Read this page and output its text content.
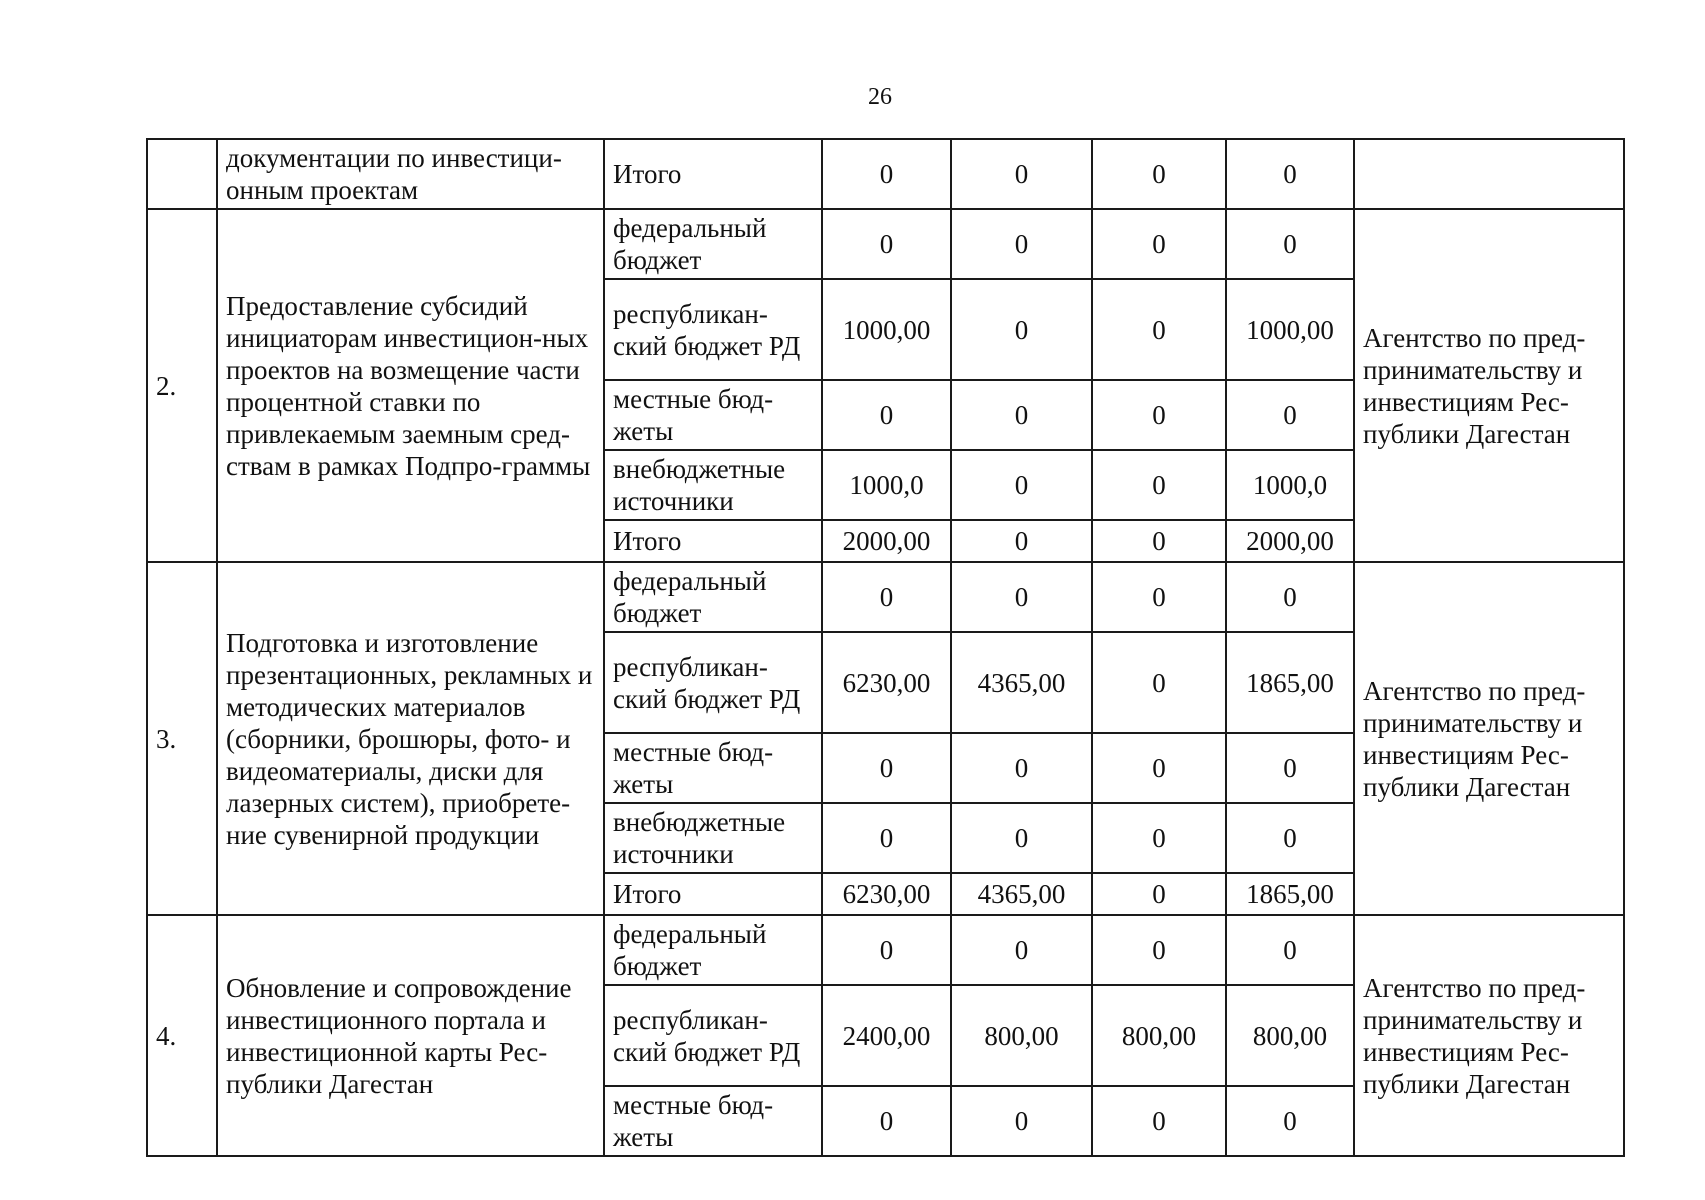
26
	документации по инвестици-онным проектам	Итого	0	0	0	0	
2.	Предоставление субсидий инициаторам инвестицион-ных проектов на возмещение части процентной ставки по привлекаемым заемным сред-ствам в рамках Подпро-граммы	федеральный бюджет	0	0	0	0	Агентство по пред-принимательству и инвестициям Рес-публики Дагестан
		республикан-ский бюджет РД	1000,00	0	0	1000,00	
		местные бюд-жеты	0	0	0	0	
		внебюджетные источники	1000,0	0	0	1000,0	
		Итого	2000,00	0	0	2000,00	
3.	Подготовка и изготовление презентационных, рекламных и методических материалов (сборники, брошюры, фото- и видеоматериалы, диски для лазерных систем), приобрете-ние сувенирной продукции	федеральный бюджет	0	0	0	0	Агентство по пред-принимательству и инвестициям Рес-публики Дагестан
		республикан-ский бюджет РД	6230,00	4365,00	0	1865,00	
		местные бюд-жеты	0	0	0	0	
		внебюджетные источники	0	0	0	0	
		Итого	6230,00	4365,00	0	1865,00	
4.	Обновление и сопровождение инвестиционного портала и инвестиционной карты Рес-публики Дагестан	федеральный бюджет	0	0	0	0	Агентство по пред-принимательству и инвестициям Рес-публики Дагестан
		республикан-ский бюджет РД	2400,00	800,00	800,00	800,00	
		местные бюд-жеты	0	0	0	0	
